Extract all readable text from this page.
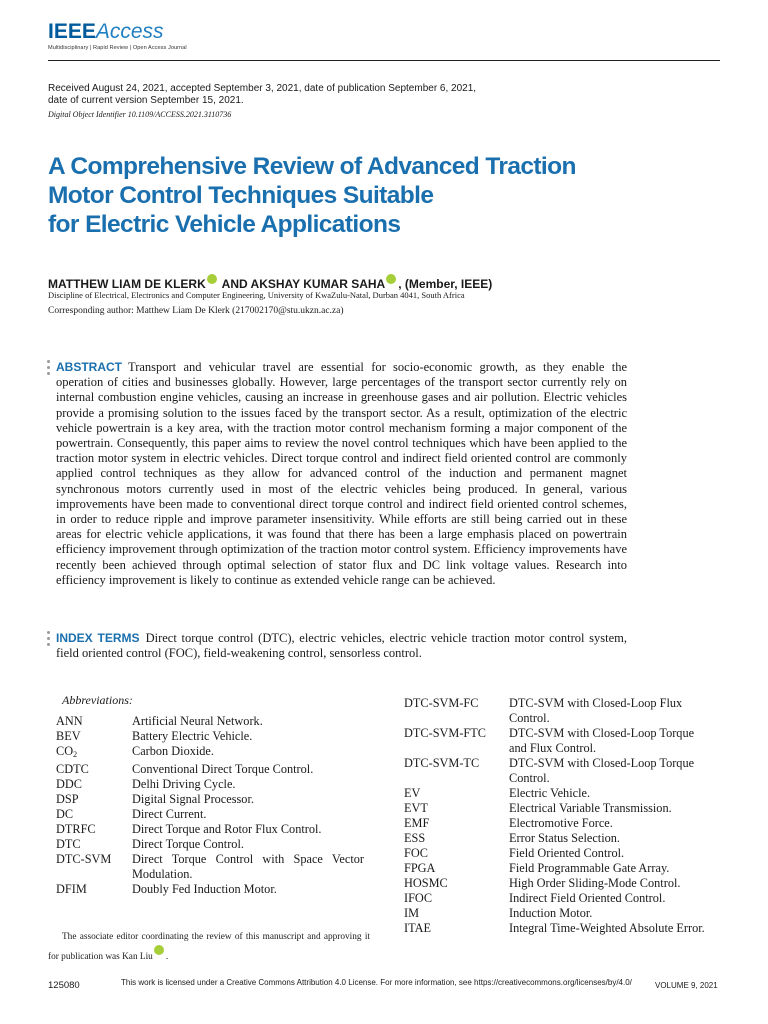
IEEEAccess
Multidisciplinary | Rapid Review | Open Access Journal
Received August 24, 2021, accepted September 3, 2021, date of publication September 6, 2021, date of current version September 15, 2021.
Digital Object Identifier 10.1109/ACCESS.2021.3110736
A Comprehensive Review of Advanced Traction
Motor Control Techniques Suitable
for Electric Vehicle Applications
MATTHEW LIAM DE KLERK AND AKSHAY KUMAR SAHA , (Member, IEEE)
Discipline of Electrical, Electronics and Computer Engineering, University of KwaZulu-Natal, Durban 4041, South Africa
Corresponding author: Matthew Liam De Klerk (217002170@stu.ukzn.ac.za)

ABSTRACT Transport and vehicular travel are essential for socio-economic growth, as they enable the operation of cities and businesses globally. However, large percentages of the transport sector currently rely on internal combustion engine vehicles, causing an increase in greenhouse gases and air pollution. Electric vehicles provide a promising solution to the issues faced by the transport sector. As a result, optimization of the electric vehicle powertrain is a key area, with the traction motor control mechanism forming a major component of the powertrain. Consequently, this paper aims to review the novel control techniques which have been applied to the traction motor system in electric vehicles. Direct torque control and indirect field oriented control are commonly applied control techniques as they allow for advanced control of the induction and permanent magnet synchronous motors currently used in most of the electric vehicles being produced. In general, various improvements have been made to conventional direct torque control and indirect field oriented control schemes, in order to reduce ripple and improve parameter insensitivity. While efforts are still being carried out in these areas for electric vehicle applications, it was found that there has been a large emphasis placed on powertrain efficiency improvement through optimization of the traction motor control system. Efficiency improvements have recently been achieved through optimal selection of stator flux and DC link voltage values. Research into efficiency improvement is likely to continue as extended vehicle range can be achieved.

INDEX TERMS Direct torque control (DTC), electric vehicles, electric vehicle traction motor control system, field oriented control (FOC), field-weakening control, sensorless control.

Abbreviations:
ANN	Artificial Neural Network.
BEV	Battery Electric Vehicle.
CO2	Carbon Dioxide.
CDTC	Conventional Direct Torque Control.
DDC	Delhi Driving Cycle.
DSP	Digital Signal Processor.
DC	Direct Current.
DTRFC	Direct Torque and Rotor Flux Control.
DTC	Direct Torque Control.
DTC-SVM	Direct Torque Control with Space Vector Modulation.
DFIM	Doubly Fed Induction Motor.
DTC-SVM-FC	DTC-SVM with Closed-Loop Flux Control.
DTC-SVM-FTC	DTC-SVM with Closed-Loop Torque and Flux Control.
DTC-SVM-TC	DTC-SVM with Closed-Loop Torque Control.
EV	Electric Vehicle.
EVT	Electrical Variable Transmission.
EMF	Electromotive Force.
ESS	Error Status Selection.
FOC	Field Oriented Control.
FPGA	Field Programmable Gate Array.
HOSMC	High Order Sliding-Mode Control.
IFOC	Indirect Field Oriented Control.
IM	Induction Motor.
ITAE	Integral Time-Weighted Absolute Error.
The associate editor coordinating the review of this manuscript and approving it for publication was Kan Liu .
125080	This work is licensed under a Creative Commons Attribution 4.0 License. For more information, see https://creativecommons.org/licenses/by/4.0/	VOLUME 9, 2021
